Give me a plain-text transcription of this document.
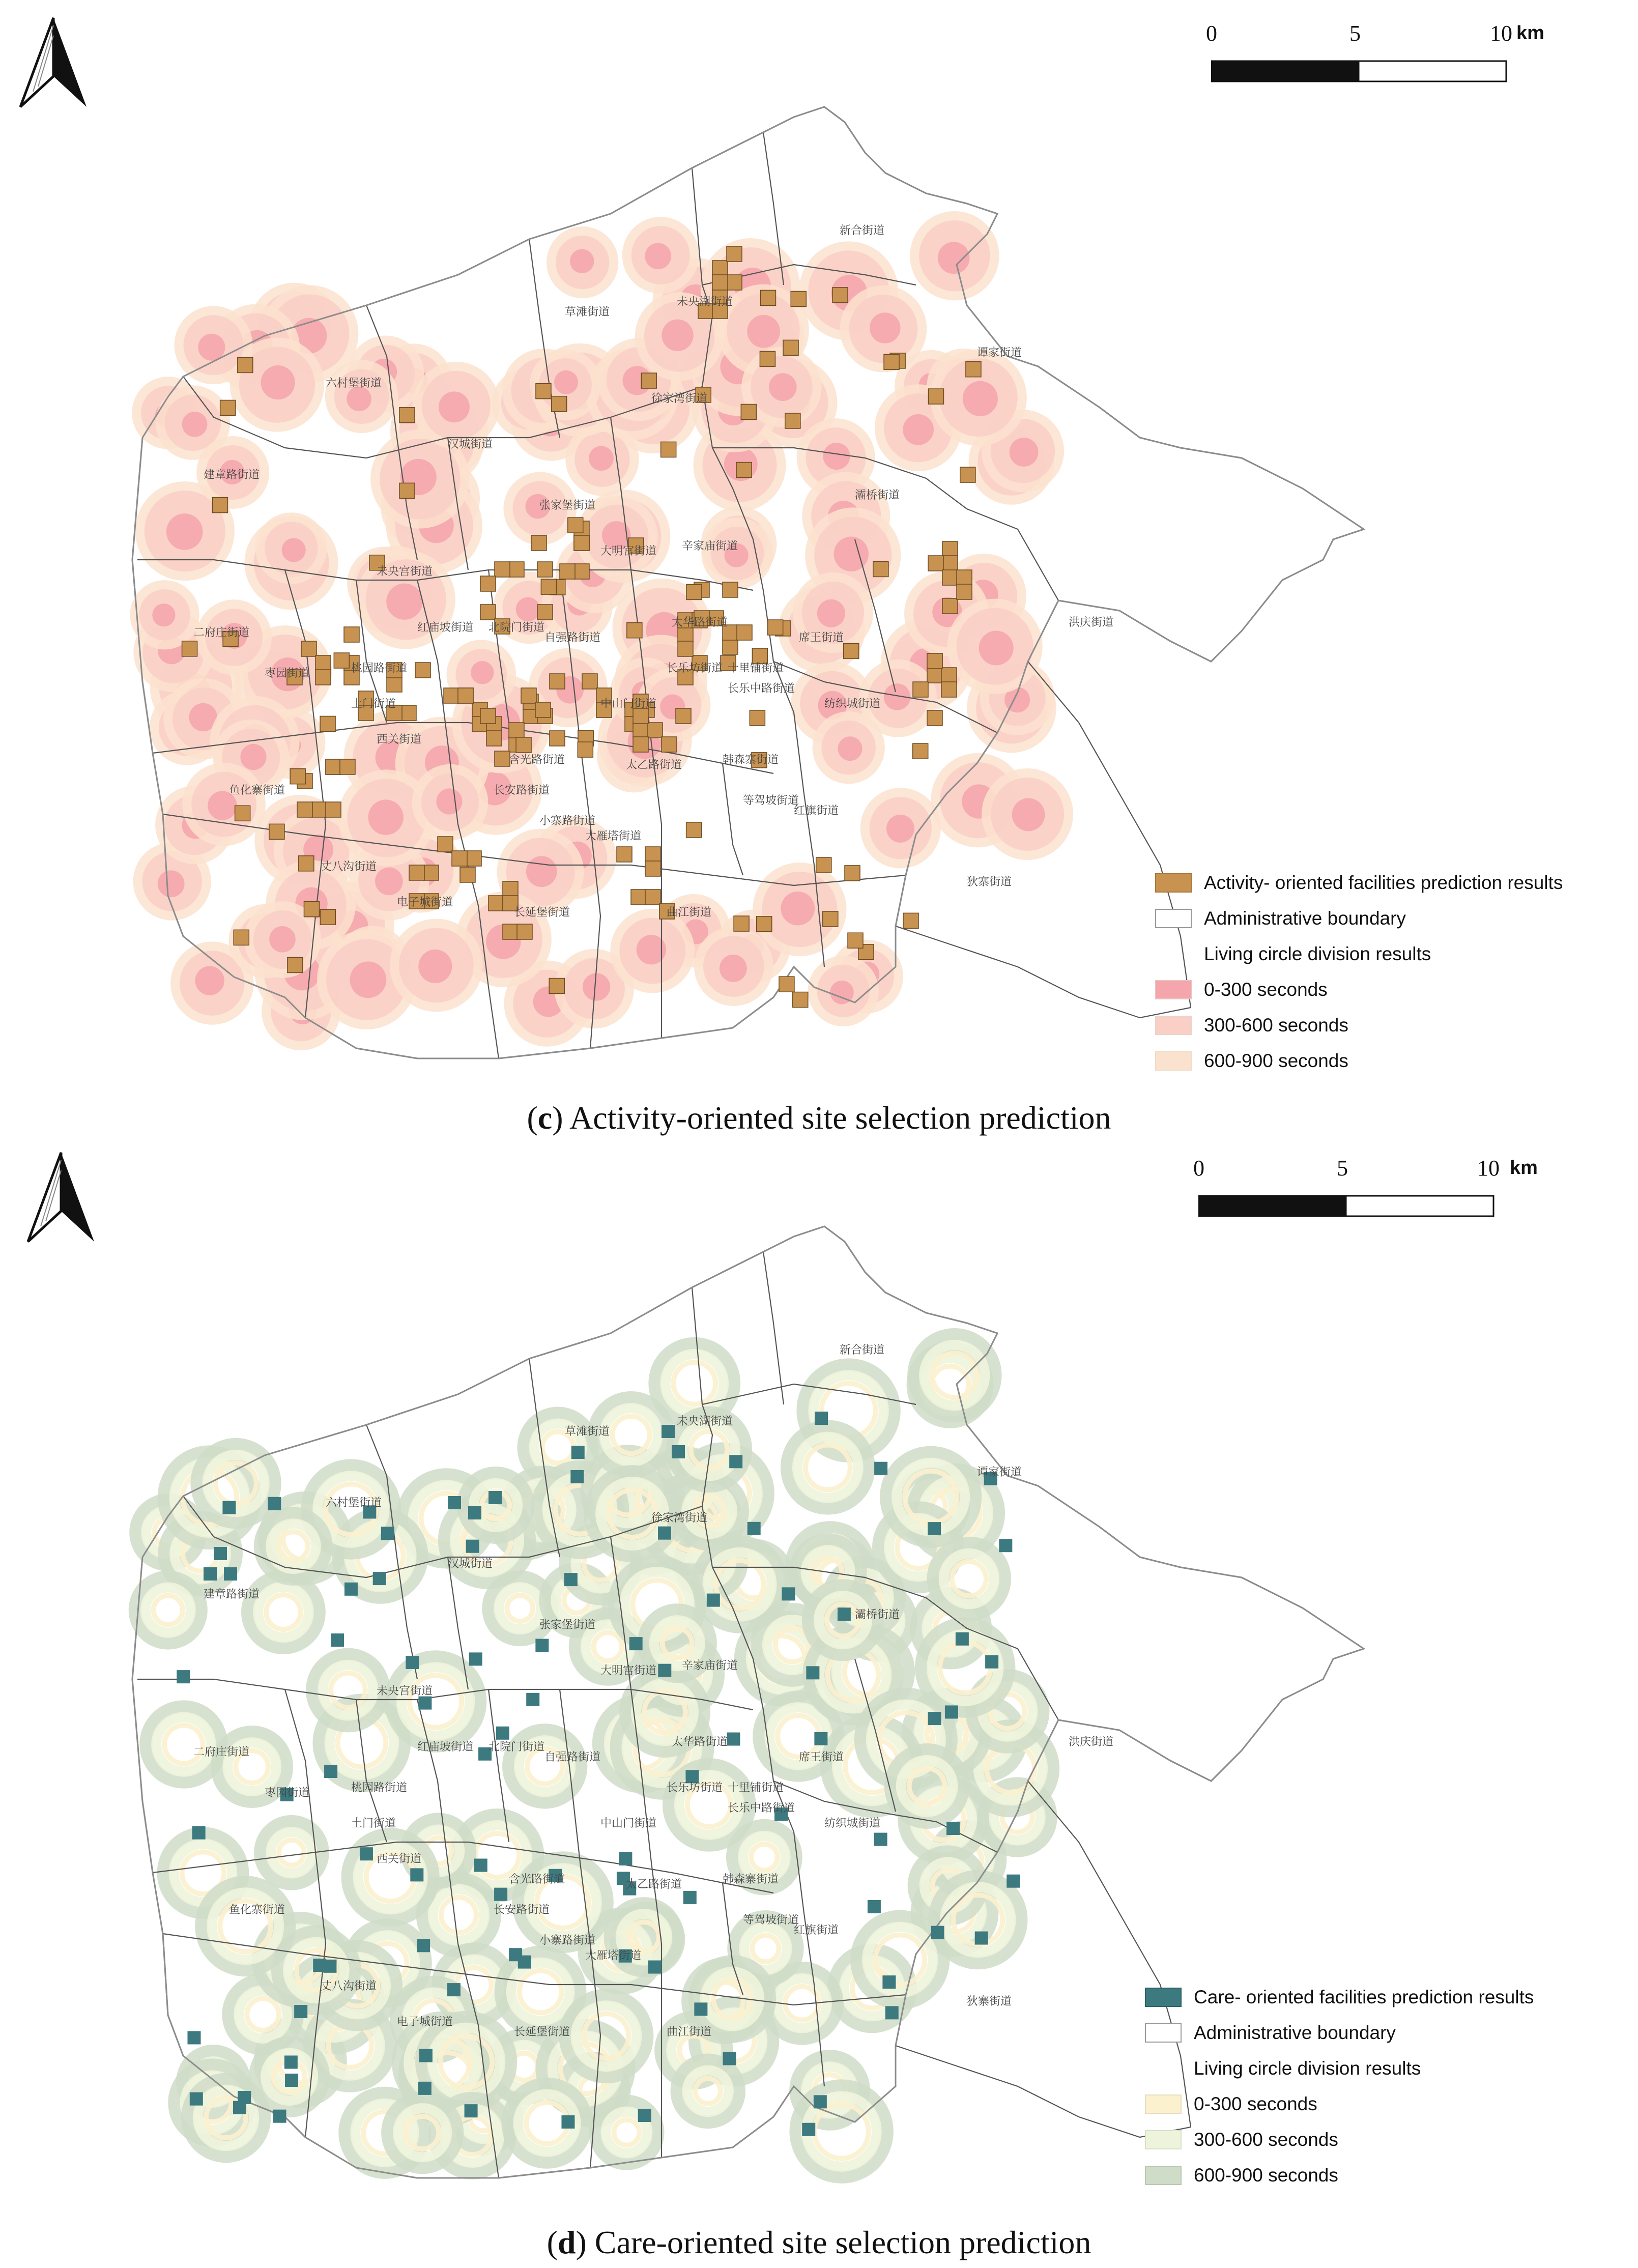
新合街道
未央湖街道
草滩街道
六村堡街道
谭家街道
徐家湾街道
汉城街道
建章路街道
张家堡街道
灞桥街道
未央宫街道
大明宫街道 辛家庙街道
二府庄街道	红庙坡街道 北院门街道	太华路街道
席王街道
洪庆街道
枣园街道	桃园路街道
自强路街道
长乐坊街道 十里铺街道
土门街道
西关街道
中山门街道
长乐中路街道
纺织城街道
狄寨街道
鱼化寨街道
含光路街道
长安路街道
太乙路街道
等驾坡街道
小寨路街道
大雁塔街道
红旗街道
丈八沟街道
电子城街道
长延堡街道	曲江街道
韩森寨街道
0	5	10 km
Activity- oriented facilities prediction results
Administrative boundary
Living circle division results
0-300 seconds
300-600 seconds
600-900 seconds
(c) Activity-oriented site selection prediction
新合街道
未央湖街道
草滩街道
六村堡街道
谭家街道
徐家湾街道
汉城街道
建章路街道
张家堡街道
灞桥街道
未央宫街道
大明宫街道 辛家庙街道
二府庄街道	红庙坡街道 北院门街道	太华路街道
席王街道
洪庆街道
枣园街道	桃园路街道
自强路街道
长乐坊街道 十里铺街道
土门街道
西关街道
中山门街道
长乐中路街道
纺织城街道
狄寨街道
鱼化寨街道
含光路街道
长安路街道
太乙路街道
等驾坡街道
小寨路街道
大雁塔街道
红旗街道
丈八沟街道
电子城街道
长延堡街道	曲江街道
韩森寨街道
0	5	10 km
Care- oriented facilities prediction results
Administrative boundary
Living circle division results
0-300 seconds
300-600 seconds
600-900 seconds
(d) Care-oriented site selection prediction
